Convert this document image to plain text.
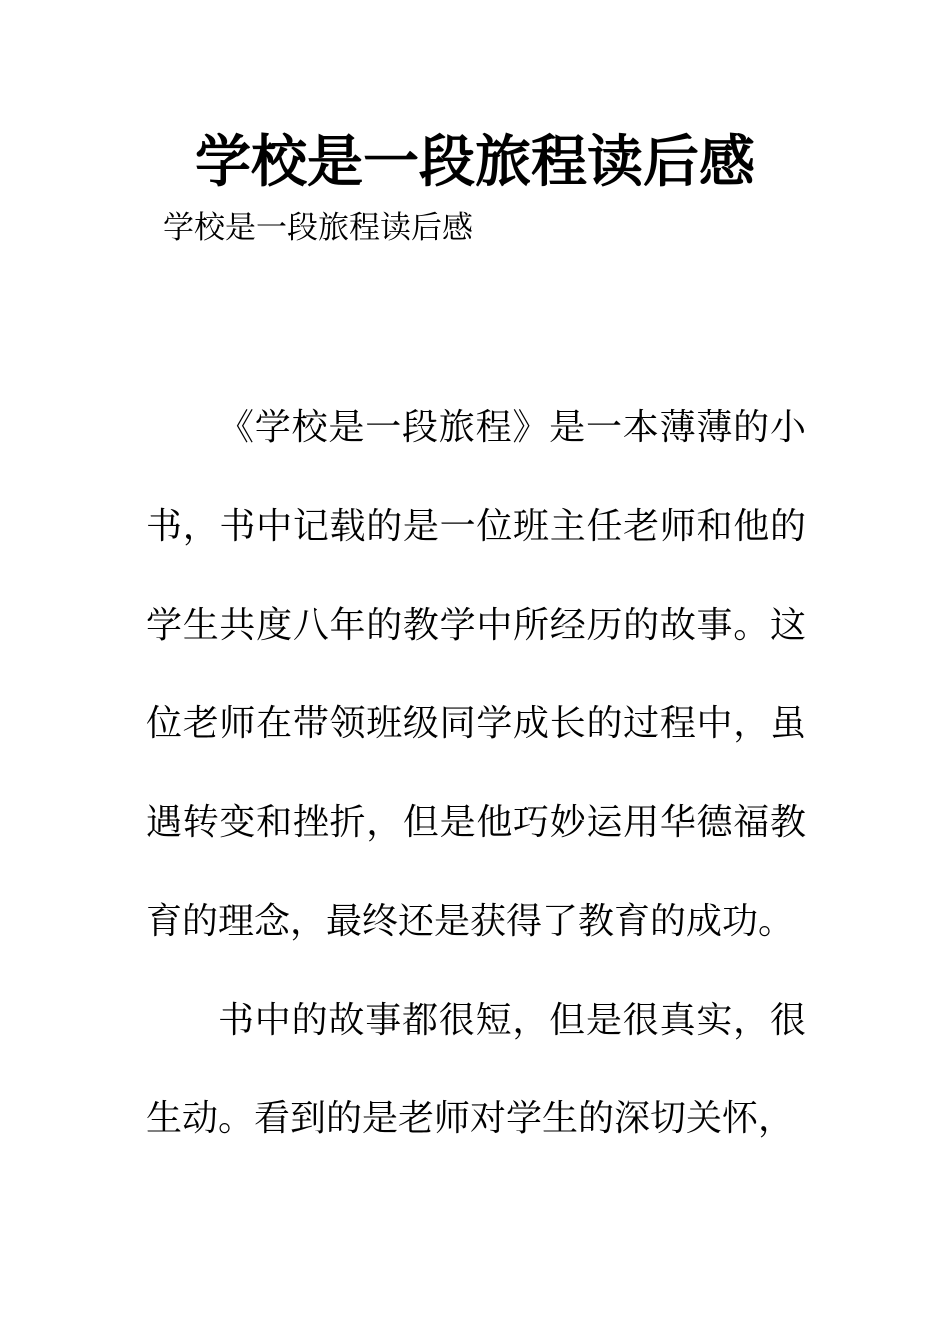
学校是一段旅程读后感
学校是一段旅程读后感
《 学 校 是 一 段 旅 程 》 是 一 本 薄 薄 的 小
书 ， 书 中 记 载 的 是 一 位 班 主 任 老 师 和 他 的
学 生 共 度 八 年 的 教 学 中 所 经 历 的 故 事 。 这
位 老 师 在 带 领 班 级 同 学 成 长 的 过 程 中 ， 虽
遇 转 变 和 挫 折 ， 但 是 他 巧 妙 运 用 华 德 福 教
育的理念，最终还是获得了教育的成功。
书 中 的 故 事 都 很 短 ， 但 是 很 真 实 ， 很
生动。看到的是老师对学生的深切关怀，
